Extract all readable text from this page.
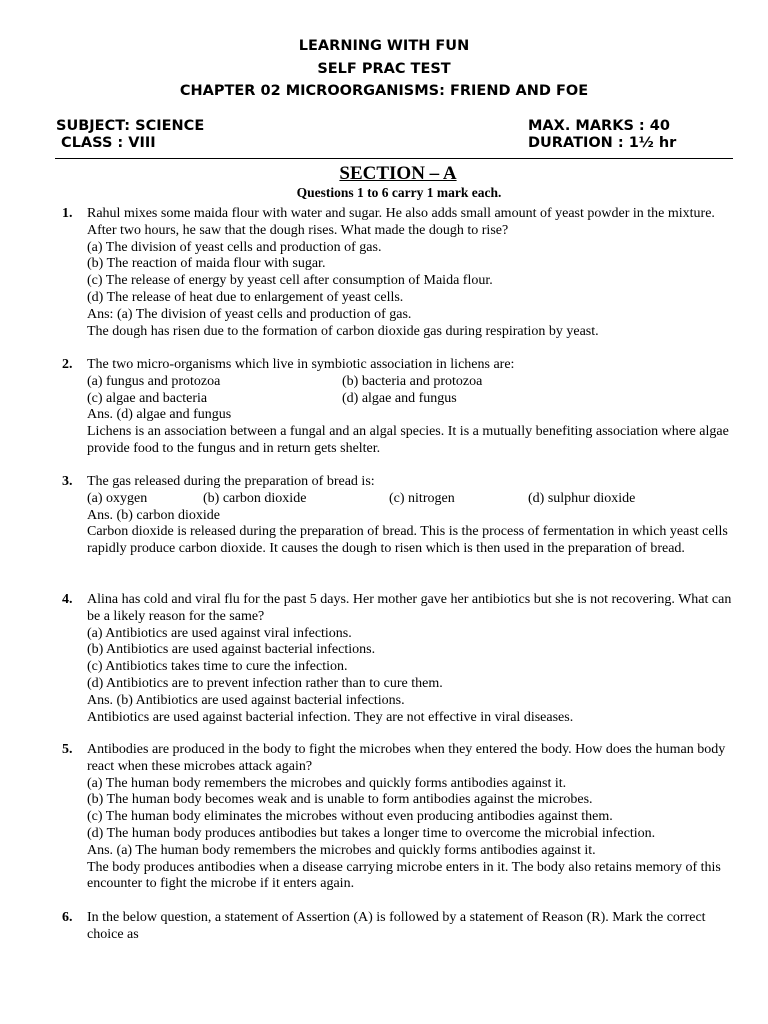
LEARNING WITH FUN
SELF PRAC TEST
CHAPTER 02 MICROORGANISMS: FRIEND AND FOE
SUBJECT: SCIENCE
CLASS : VIII
MAX. MARKS : 40
DURATION : 1½ hr
SECTION – A
Questions 1 to 6 carry 1 mark each.
1. Rahul mixes some maida flour with water and sugar. He also adds small amount of yeast powder in the mixture. After two hours, he saw that the dough rises. What made the dough to rise?
(a) The division of yeast cells and production of gas.
(b) The reaction of maida flour with sugar.
(c) The release of energy by yeast cell after consumption of Maida flour.
(d) The release of heat due to enlargement of yeast cells.
Ans: (a) The division of yeast cells and production of gas.
The dough has risen due to the formation of carbon dioxide gas during respiration by yeast.
2. The two micro-organisms which live in symbiotic association in lichens are:
(a) fungus and protozoa	(b) bacteria and protozoa
(c) algae and bacteria	(d) algae and fungus
Ans. (d) algae and fungus
Lichens is an association between a fungal and an algal species. It is a mutually benefiting association where algae provide food to the fungus and in return gets shelter.
3. The gas released during the preparation of bread is:
(a) oxygen	(b) carbon dioxide	(c) nitrogen	(d) sulphur dioxide
Ans. (b) carbon dioxide
Carbon dioxide is released during the preparation of bread. This is the process of fermentation in which yeast cells rapidly produce carbon dioxide. It causes the dough to risen which is then used in the preparation of bread.
4. Alina has cold and viral flu for the past 5 days. Her mother gave her antibiotics but she is not recovering. What can be a likely reason for the same?
(a) Antibiotics are used against viral infections.
(b) Antibiotics are used against bacterial infections.
(c) Antibiotics takes time to cure the infection.
(d) Antibiotics are to prevent infection rather than to cure them.
Ans. (b) Antibiotics are used against bacterial infections.
Antibiotics are used against bacterial infection. They are not effective in viral diseases.
5. Antibodies are produced in the body to fight the microbes when they entered the body. How does the human body react when these microbes attack again?
(a) The human body remembers the microbes and quickly forms antibodies against it.
(b) The human body becomes weak and is unable to form antibodies against the microbes.
(c) The human body eliminates the microbes without even producing antibodies against them.
(d) The human body produces antibodies but takes a longer time to overcome the microbial infection.
Ans. (a) The human body remembers the microbes and quickly forms antibodies against it.
The body produces antibodies when a disease carrying microbe enters in it. The body also retains memory of this encounter to fight the microbe if it enters again.
6. In the below question, a statement of Assertion (A) is followed by a statement of Reason (R). Mark the correct choice as
